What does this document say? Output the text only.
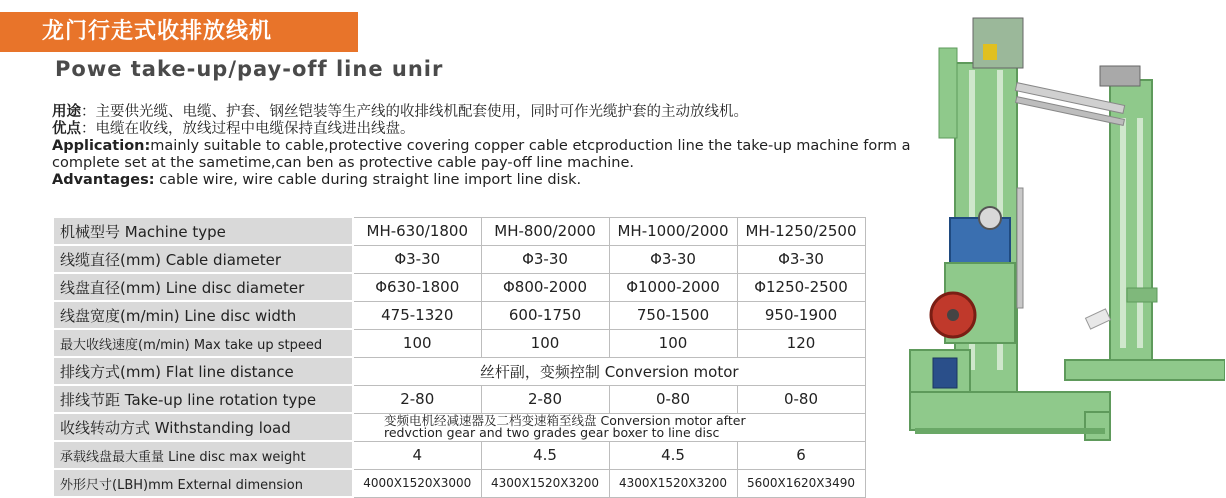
龙门行走式收排放线机
Powe take-up/pay-off line unir
用途：主要供光缆、电缆、护套、钢丝铠装等生产线的收排线机配套使用，同时可作光缆护套的主动放线机。
优点：电缆在收线，放线过程中电缆保持直线进出线盘。
Application:mainly suitable to cable,protective covering copper cable etcproduction line the take-up machine form a complete set at the sametime,can ben as protective cable pay-off line machine.
Advantages: cable wire, wire cable during straight line import line disk.
机械型号 Machine type	MH-630/1800	MH-800/2000	MH-1000/2000	MH-1250/2500
线缆直径(mm) Cable diameter	Φ3-30	Φ3-30	Φ3-30	Φ3-30
线盘直径(mm) Line disc diameter	Φ630-1800	Φ800-2000	Φ1000-2000	Φ1250-2500
线盘宽度(m/min) Line disc width	475-1320	600-1750	750-1500	950-1900
最大收线速度(m/min) Max take up stpeed	100	100	100	120
排线方式(mm) Flat line distance	丝杆副，变频控制 Conversion motor			
排线节距 Take-up line rotation type	2-80	2-80	0-80	0-80
收线转动方式 Withstanding load	变频电机经减速器及二档变速箱至线盘 Conversion motor after
redvction gear and two grades gear boxer to line disc			

承载线盘最大重量 Line disc max weight	4	4.5	4.5	6
外形尺寸(LBH)mm External dimension	4000X1520X3000	4300X1520X3200	4300X1520X3200	5600X1620X3490
